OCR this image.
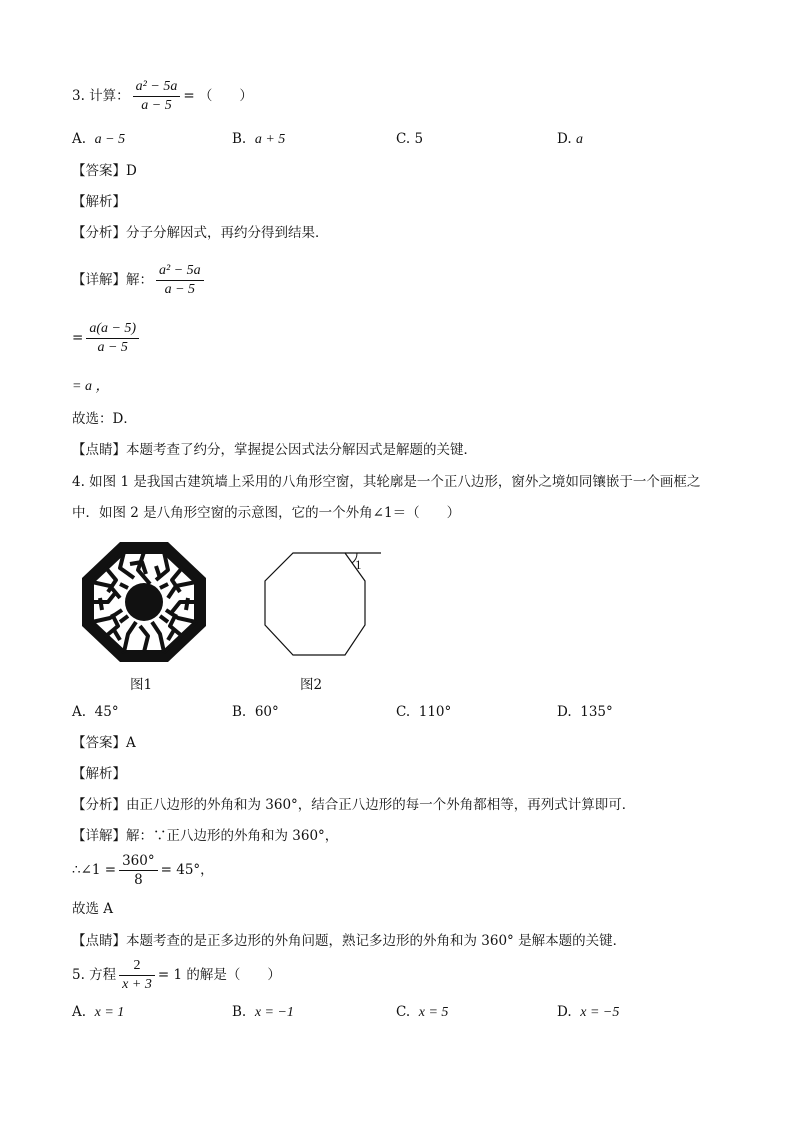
3. 计算： $\frac{\text{a² − 5a}}{a - 5}$ = （　　）
A. a − 5	B. a + 5	C. 5	D. a
【答案】D
【解析】
【分析】分子分解因式，再约分得到结果．
【详解】解： $\frac{\text{a² − 5a}}{a - 5}$
= $\frac{a(a - 5)}{a - 5}$
= a ，
故选：D．
【点睛】本题考查了约分，掌握提公因式法分解因式是解题的关键．
4. 如图 1 是我国古建筑墙上采用的八角形空窗，其轮廓是一个正八边形，窗外之境如同镶嵌于一个画框之
中．如图 2 是八角形空窗的示意图，它的一个外角∠1＝（　　）
图1
1
图2
A. 45°	B. 60°	C. 110°	D. 135°
【答案】A
【解析】
【分析】由正八边形的外角和为 360°，结合正八边形的每一个外角都相等，再列式计算即可．
【详解】解：∵正八边形的外角和为 360°，
∴∠1 = $\frac{360^\circ}{8} = 45^\circ$，
故选 A
【点睛】本题考查的是正多边形的外角问题，熟记多边形的外角和为 360° 是解本题的关键．
5. 方程 $\frac{2}{x + 3} = 1$ 的解是（　　）
A. x = 1	B. x = −1	C. x = 5	D. x = −5
